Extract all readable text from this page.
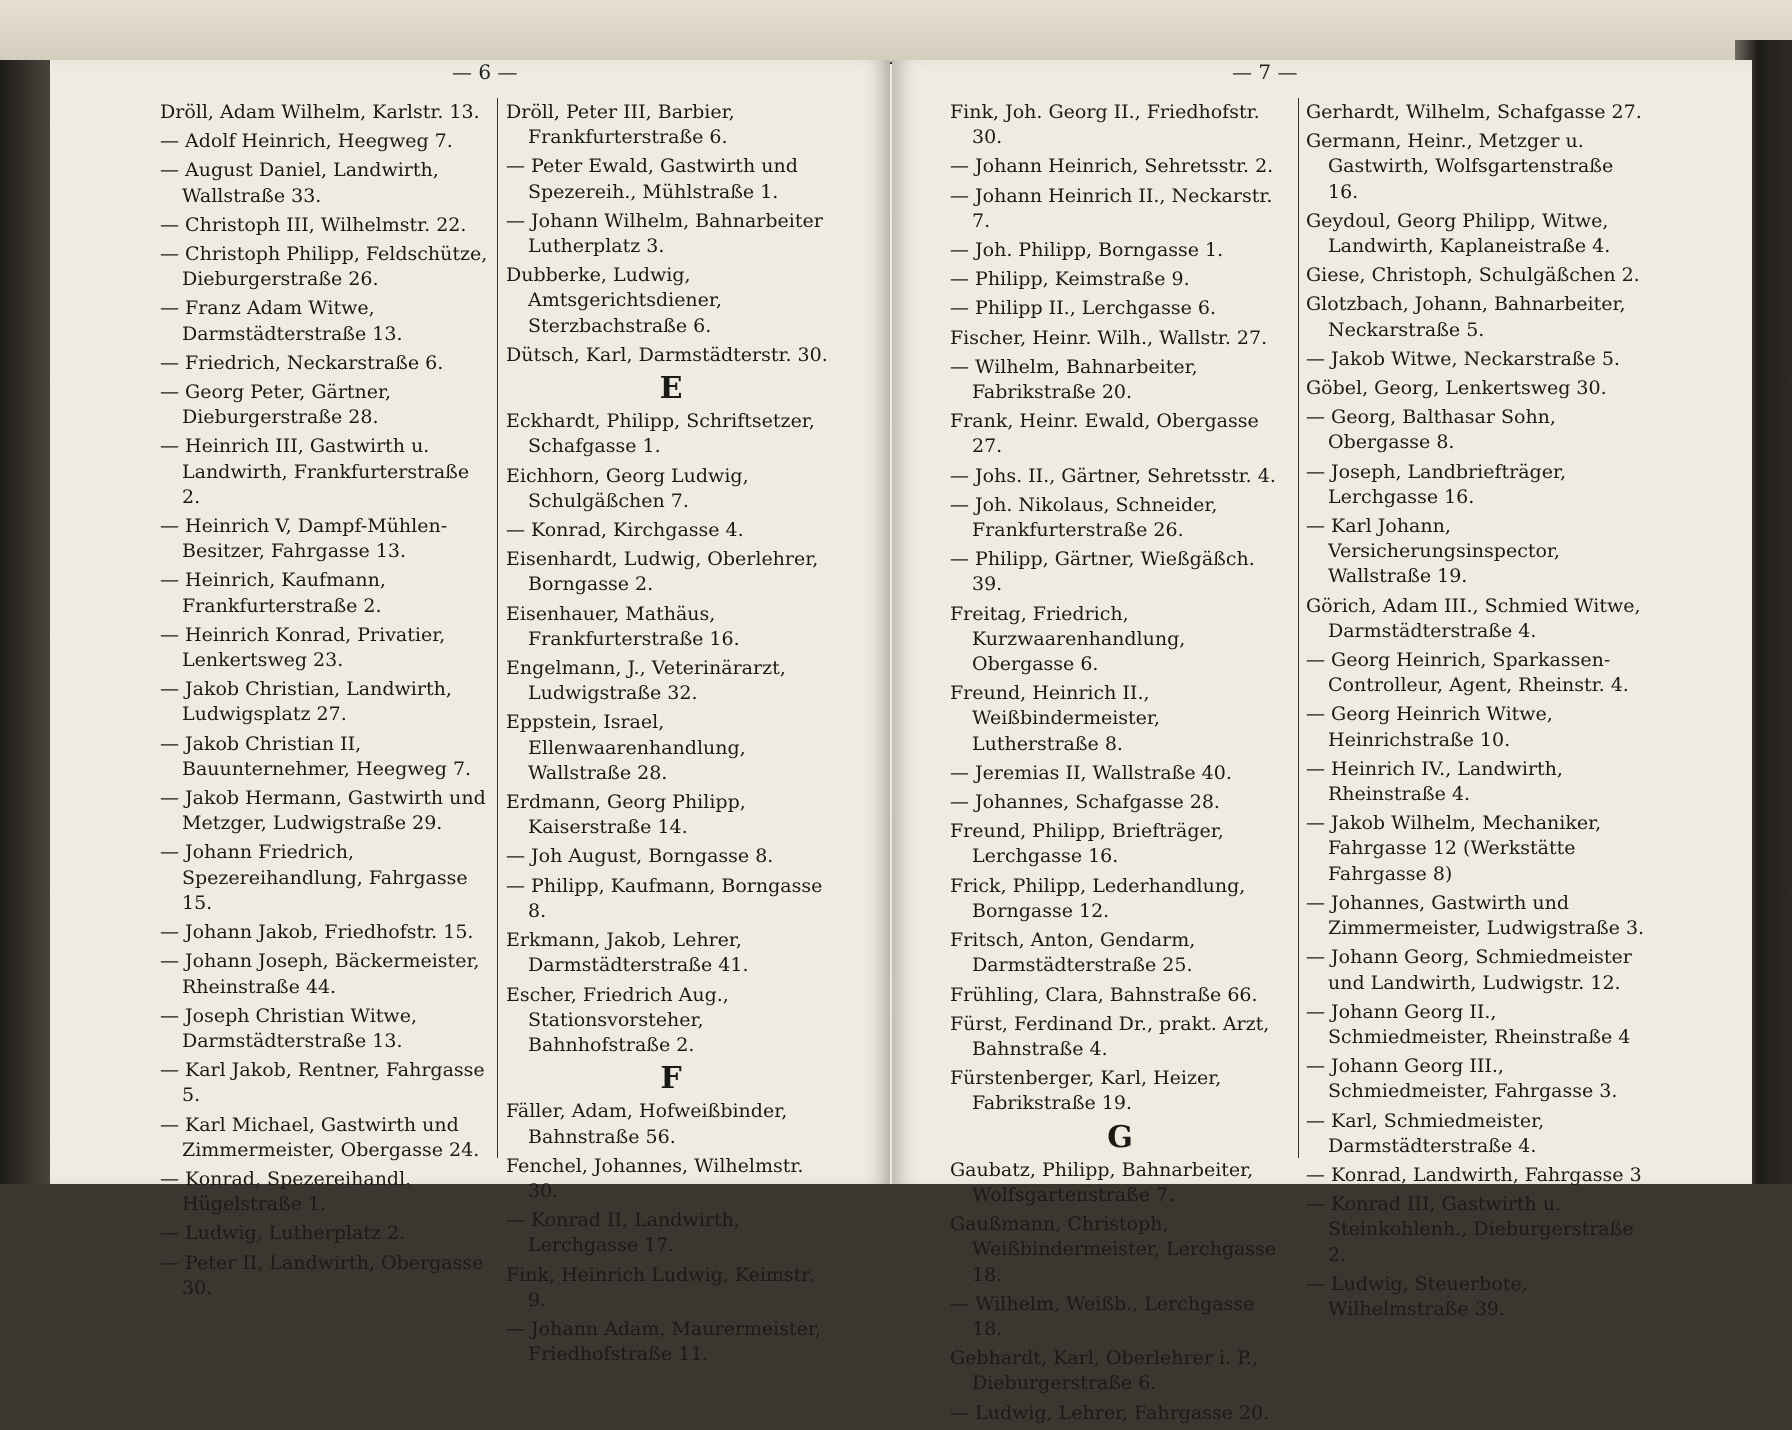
— 6 —	— 7 —
Dröll, Adam Wilhelm, Karlstr. 13.
— Adolf Heinrich, Heegweg 7.
— August Daniel, Landwirth, Wallstraße 33.
— Christoph III, Wilhelmstr. 22.
— Christoph Philipp, Feldschütze, Dieburgerstraße 26.
— Franz Adam Witwe, Darmstädterstraße 13.
— Friedrich, Neckarstraße 6.
— Georg Peter, Gärtner, Dieburgerstraße 28.
— Heinrich III, Gastwirth u. Landwirth, Frankfurterstraße 2.
— Heinrich V, Dampf-Mühlen-Besitzer, Fahrgasse 13.
— Heinrich, Kaufmann, Frankfurterstraße 2.
— Heinrich Konrad, Privatier, Lenkertsweg 23.
— Jakob Christian, Landwirth, Ludwigsplatz 27.
— Jakob Christian II, Bauunternehmer, Heegweg 7.
— Jakob Hermann, Gastwirth und Metzger, Ludwigstraße 29.
— Johann Friedrich, Spezereihandlung, Fahrgasse 15.
— Johann Jakob, Friedhofstr. 15.
— Johann Joseph, Bäckermeister, Rheinstraße 44.
— Joseph Christian Witwe, Darmstädterstraße 13.
— Karl Jakob, Rentner, Fahrgasse 5.
— Karl Michael, Gastwirth und Zimmermeister, Obergasse 24.
— Konrad, Spezereihandl. Hügelstraße 1.
— Ludwig, Lutherplatz 2.
— Peter II, Landwirth, Obergasse 30.
Dröll, Peter III, Barbier, Frankfurterstraße 6.
— Peter Ewald, Gastwirth und Spezereih., Mühlstraße 1.
— Johann Wilhelm, Bahnarbeiter Lutherplatz 3.
Dubberke, Ludwig, Amtsgerichtsdiener, Sterzbachstraße 6.
Dütsch, Karl, Darmstädterstr. 30.
E
Eckhardt, Philipp, Schriftsetzer, Schafgasse 1.
Eichhorn, Georg Ludwig, Schulgäßchen 7.
— Konrad, Kirchgasse 4.
Eisenhardt, Ludwig, Oberlehrer, Borngasse 2.
Eisenhauer, Mathäus, Frankfurterstraße 16.
Engelmann, J., Veterinärarzt, Ludwigstraße 32.
Eppstein, Israel, Ellenwaarenhandlung, Wallstraße 28.
Erdmann, Georg Philipp, Kaiserstraße 14.
— Joh August, Borngasse 8.
— Philipp, Kaufmann, Borngasse 8.
Erkmann, Jakob, Lehrer, Darmstädterstraße 41.
Escher, Friedrich Aug., Stationsvorsteher, Bahnhofstraße 2.
F
Fäller, Adam, Hofweißbinder, Bahnstraße 56.
Fenchel, Johannes, Wilhelmstr. 30.
— Konrad II, Landwirth, Lerchgasse 17.
Fink, Heinrich Ludwig, Keimstr. 9.
— Johann Adam, Maurermeister, Friedhofstraße 11.
Fink, Joh. Georg II., Friedhofstr. 30.
— Johann Heinrich, Sehretsstr. 2.
— Johann Heinrich II., Neckarstr. 7.
— Joh. Philipp, Borngasse 1.
— Philipp, Keimstraße 9.
— Philipp II., Lerchgasse 6.
Fischer, Heinr. Wilh., Wallstr. 27.
— Wilhelm, Bahnarbeiter, Fabrikstraße 20.
Frank, Heinr. Ewald, Obergasse 27.
— Johs. II., Gärtner, Sehretsstr. 4.
— Joh. Nikolaus, Schneider, Frankfurterstraße 26.
— Philipp, Gärtner, Wießgäßch. 39.
Freitag, Friedrich, Kurzwaarenhandlung, Obergasse 6.
Freund, Heinrich II., Weißbindermeister, Lutherstraße 8.
— Jeremias II, Wallstraße 40.
— Johannes, Schafgasse 28.
Freund, Philipp, Briefträger, Lerchgasse 16.
Frick, Philipp, Lederhandlung, Borngasse 12.
Fritsch, Anton, Gendarm, Darmstädterstraße 25.
Frühling, Clara, Bahnstraße 66.
Fürst, Ferdinand Dr., prakt. Arzt, Bahnstraße 4.
Fürstenberger, Karl, Heizer, Fabrikstraße 19.
G
Gaubatz, Philipp, Bahnarbeiter, Wolfsgartenstraße 7.
Gaußmann, Christoph, Weißbindermeister, Lerchgasse 18.
— Wilhelm, Weißb., Lerchgasse 18.
Gebhardt, Karl, Oberlehrer i. P., Dieburgerstraße 6.
— Ludwig, Lehrer, Fahrgasse 20.
Gerhardt, Wilhelm, Schafgasse 27.
Germann, Heinr., Metzger u. Gastwirth, Wolfsgartenstraße 16.
Geydoul, Georg Philipp, Witwe, Landwirth, Kaplaneistraße 4.
Giese, Christoph, Schulgäßchen 2.
Glotzbach, Johann, Bahnarbeiter, Neckarstraße 5.
— Jakob Witwe, Neckarstraße 5.
Göbel, Georg, Lenkertsweg 30.
— Georg, Balthasar Sohn, Obergasse 8.
— Joseph, Landbriefträger, Lerchgasse 16.
— Karl Johann, Versicherungsinspector, Wallstraße 19.
Görich, Adam III., Schmied Witwe, Darmstädterstraße 4.
— Georg Heinrich, Sparkassen-Controlleur, Agent, Rheinstr. 4.
— Georg Heinrich Witwe, Heinrichstraße 10.
— Heinrich IV., Landwirth, Rheinstraße 4.
— Jakob Wilhelm, Mechaniker, Fahrgasse 12 (Werkstätte Fahrgasse 8)
— Johannes, Gastwirth und Zimmermeister, Ludwigstraße 3.
— Johann Georg, Schmiedmeister und Landwirth, Ludwigstr. 12.
— Johann Georg II., Schmiedmeister, Rheinstraße 4
— Johann Georg III., Schmiedmeister, Fahrgasse 3.
— Karl, Schmiedmeister, Darmstädterstraße 4.
— Konrad, Landwirth, Fahrgasse 3
— Konrad III, Gastwirth u. Steinkohlenh., Dieburgerstraße 2.
— Ludwig, Steuerbote, Wilhelmstraße 39.
